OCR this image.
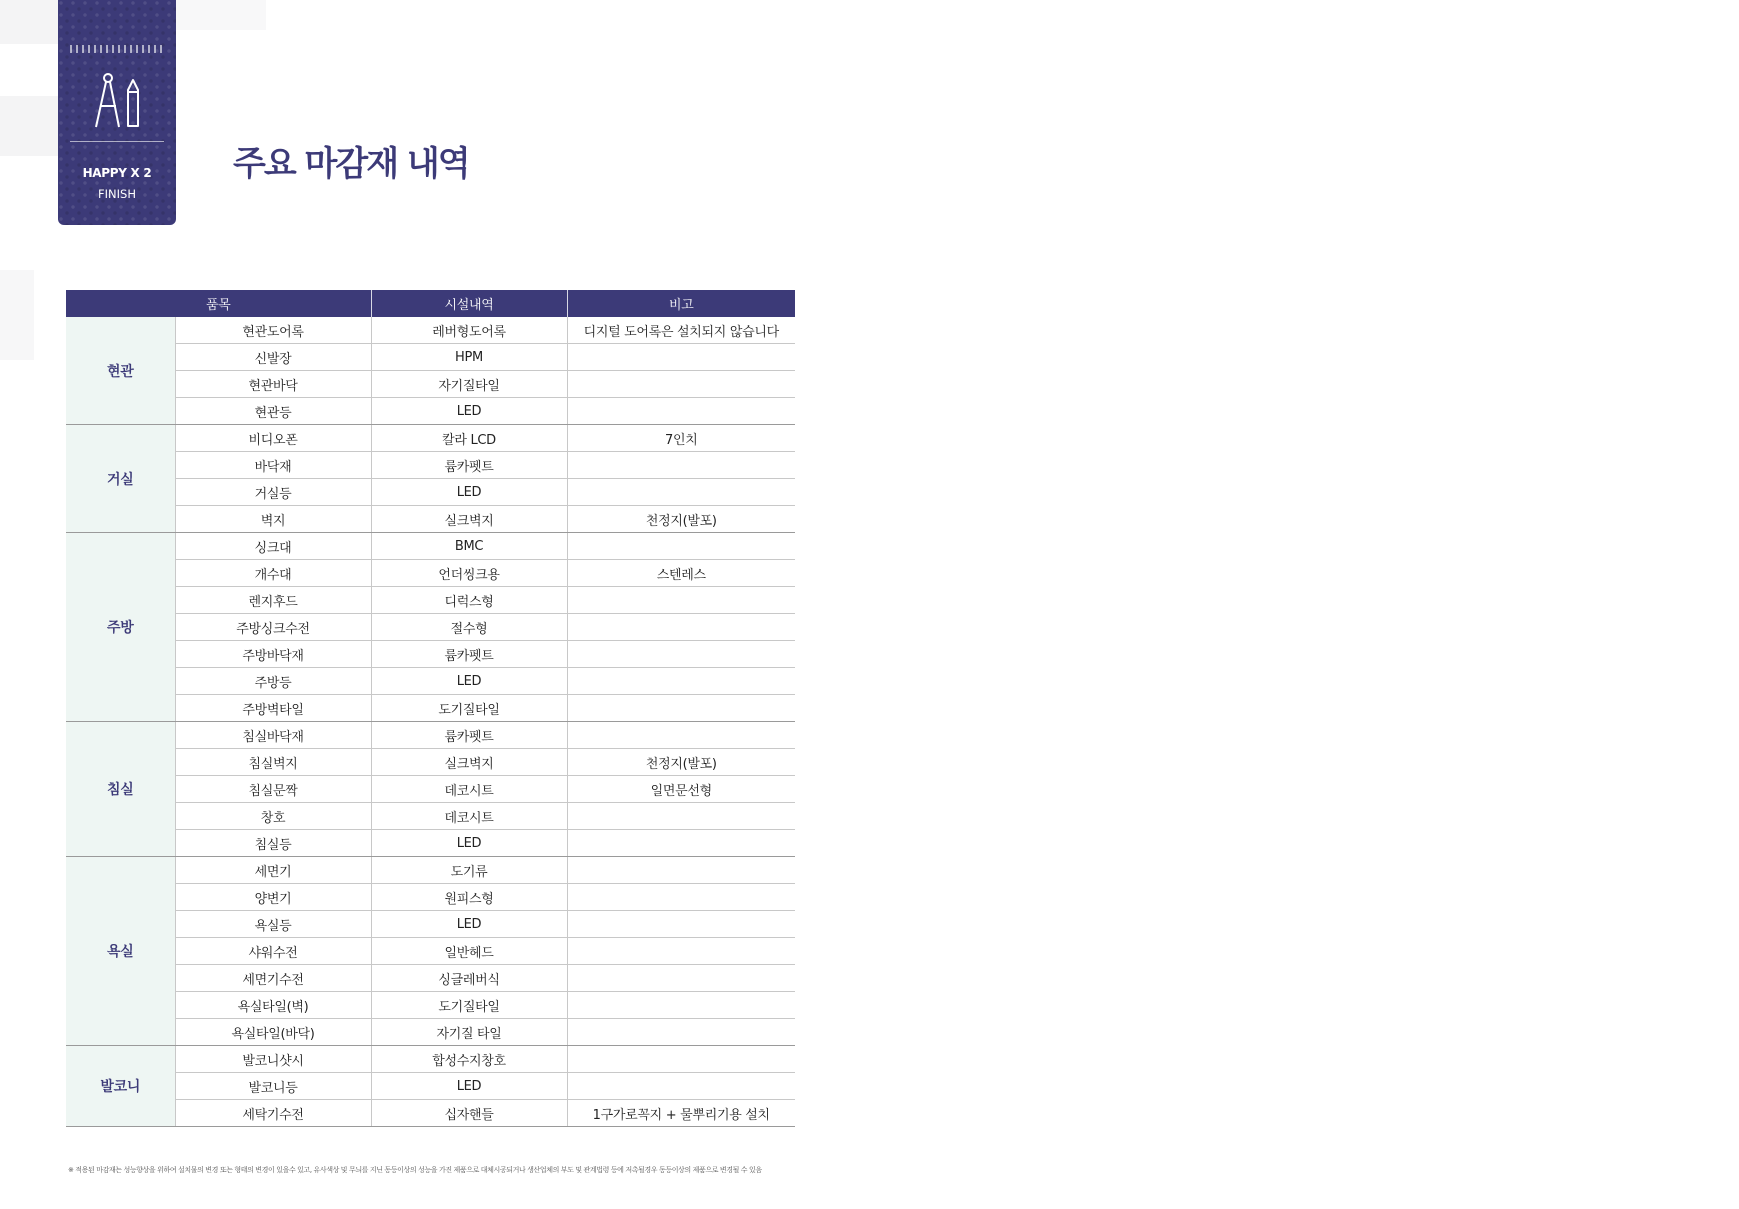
HAPPY X 2
FINISH
주요 마감재 내역
품목		시설내역	비고
현관	현관도어록	레버형도어록	디지털 도어록은 설치되지 않습니다
	신발장	HPM	
	현관바닥	자기질타일	
	현관등	LED	
거실	비디오폰	칼라 LCD	7인치
	바닥재	륨카펫트	
	거실등	LED	
	벽지	실크벽지	천정지(발포)
주방	싱크대	BMC	
	개수대	언더씽크용	스텐레스
	렌지후드	디럭스형	
	주방싱크수전	절수형	
	주방바닥재	륨카펫트	
	주방등	LED	
	주방벽타일	도기질타일	
침실	침실바닥재	륨카펫트	
	침실벽지	실크벽지	천정지(발포)
	침실문짝	데코시트	일면문선형
	창호	데코시트	
	침실등	LED	
욕실	세면기	도기류	
	양변기	원피스형	
	욕실등	LED	
	샤워수전	일반헤드	
	세면기수전	싱글레버식	
	욕실타일(벽)	도기질타일	
	욕실타일(바닥)	자기질 타일	
발코니	발코니샷시	합성수지창호	
	발코니등	LED	
	세탁기수전	십자핸들	1구가로꼭지 + 물뿌리기용 설치

※ 적용된 마감재는 성능향상을 위하여 설치물의 변경 또는 형태의 변경이 있을수 있고, 유사색상 및 무늬를 지닌 동등이상의 성능을 가진 제품으로 대체시공되거나 생산업체의 부도 및 관계법령 등에 저촉될경우 동등이상의 제품으로 변경될 수 있음
